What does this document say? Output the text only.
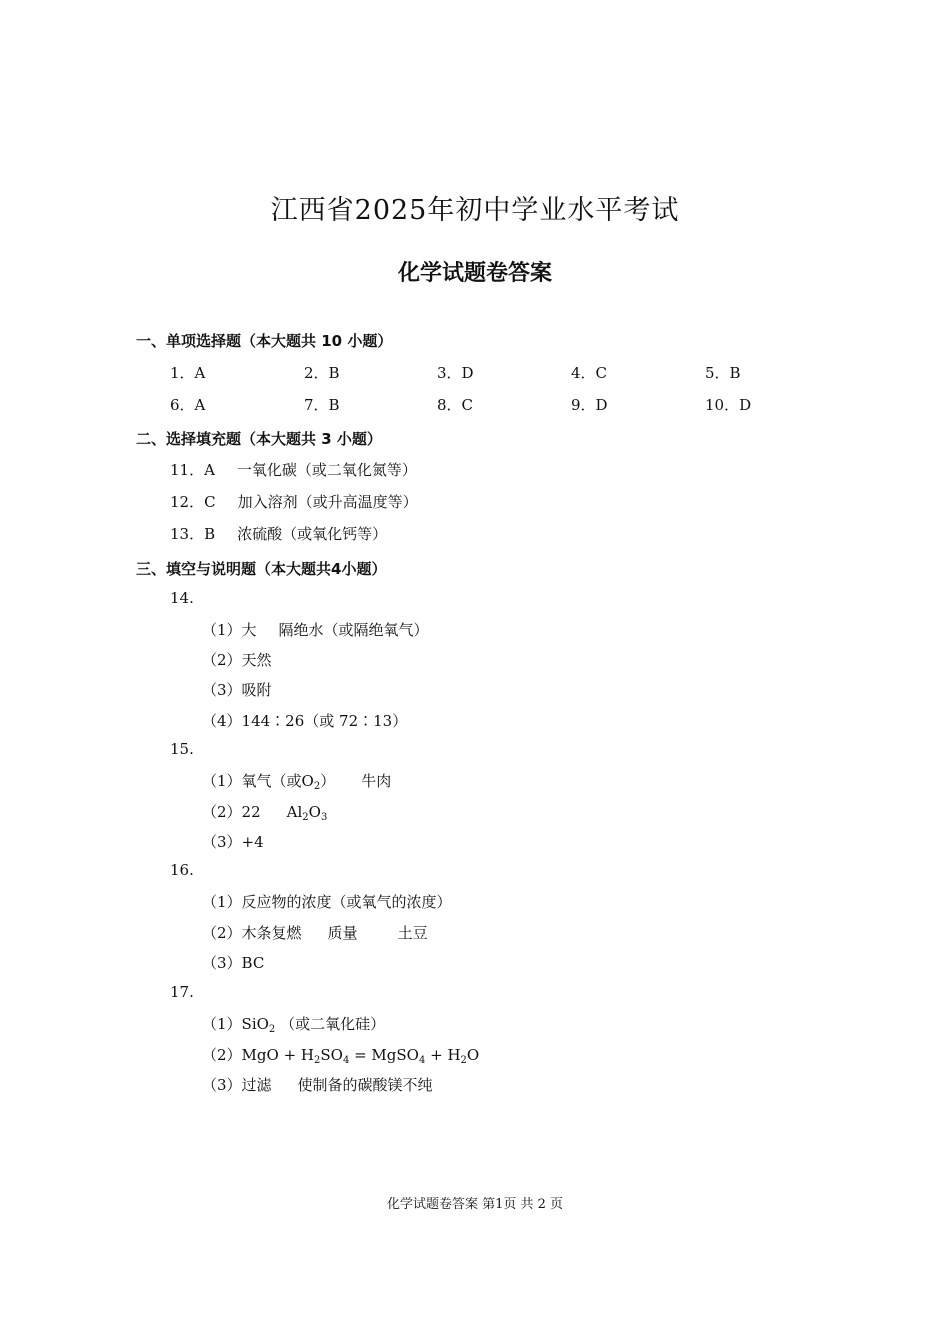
江西省2025年初中学业水平考试
化学试题卷答案
一、单项选择题（本大题共 10 小题）
1．A	2．B	3．D	4．C	5．B
6．A	7．B	8．C	9．D	10．D
二、选择填充题（本大题共 3 小题）
11．A 一氧化碳（或二氧化氮等）
12．C 加入溶剂（或升高温度等）
13．B 浓硫酸（或氧化钙等）
三、填空与说明题（本大题共4小题）
14.
（1）大 隔绝水（或隔绝氧气）
（2）天然
（3）吸附
（4）144∶26（或 72∶13）
15.
（1）氧气（或$O_2$） 牛肉
（2）22 $Al_2O_3$
（3）+4
16.
（1）反应物的浓度（或氧气的浓度）
（2）木条复燃 质量	土豆
（3）BC
17.
（1）SiO$_2$ （或二氧化硅）
$(2)MgO + H_2SO_4$ = MgSO$_4$ + $H_2O$
（3）过滤 使制备的碳酸镁不纯
化学试题卷答案 第1页 共 2 页
